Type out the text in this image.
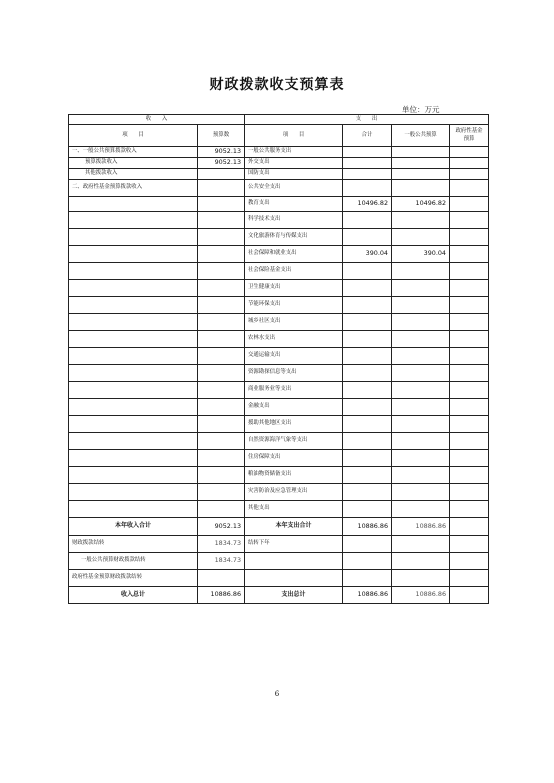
财政拨款收支预算表
单位：万元
收　　入		支　　出			
项　　目	预算数	项　　目	合计	一般公共预算	政府性基金预算
一、一般公共预算拨款收入	9052.13	一般公共服务支出			
预算拨款收入	9052.13	外交支出			
其他拨款收入		国防支出			
二、政府性基金预算拨款收入		公共安全支出			
		教育支出	10496.82	10496.82	
		科学技术支出			
		文化旅游体育与传媒支出			
		社会保障和就业支出	390.04	390.04	
		社会保险基金支出			
		卫生健康支出			
		节能环保支出			
		城乡社区支出			
		农林水支出			
		交通运输支出			
		资源勘探信息等支出			
		商业服务业等支出			
		金融支出			
		援助其他地区支出			
		自然资源海洋气象等支出			
		住房保障支出			
		粮油物资储备支出			
		灾害防治及应急管理支出			
		其他支出			
本年收入合计	9052.13	本年支出合计	10886.86	10886.86	
财政拨款结转	1834.73	结转下年			
一般公共预算财政拨款结转	1834.73				
政府性基金预算财政拨款结转					
收入总计	10886.86	支出总计	10886.86	10886.86	
6
